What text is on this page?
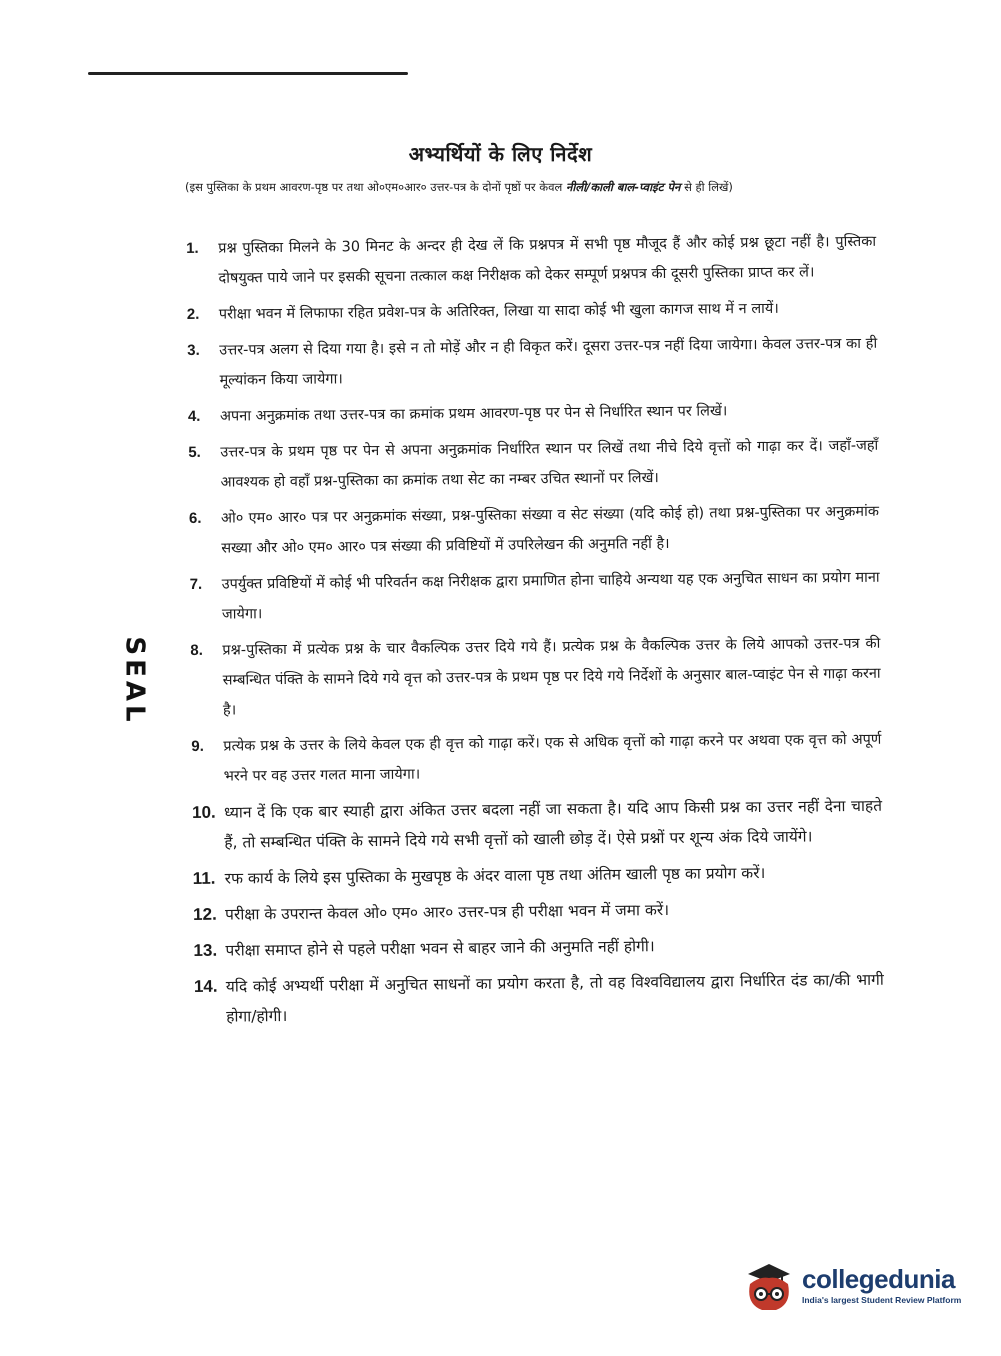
अभ्यर्थियों के लिए निर्देश
(इस पुस्तिका के प्रथम आवरण-पृष्ठ पर तथा ओ०एम०आर० उत्तर-पत्र के दोनों पृष्ठों पर केवल नीली/काली बाल-प्वाइंट पेन से ही लिखें)
SEAL
1.	प्रश्न पुस्तिका मिलने के 30 मिनट के अन्दर ही देख लें कि प्रश्नपत्र में सभी पृष्ठ मौजूद हैं और कोई प्रश्न छूटा नहीं है। पुस्तिका दोषयुक्त पाये जाने पर इसकी सूचना तत्काल कक्ष निरीक्षक को देकर सम्पूर्ण प्रश्नपत्र की दूसरी पुस्तिका प्राप्त कर लें।
2.	परीक्षा भवन में लिफाफा रहित प्रवेश-पत्र के अतिरिक्त, लिखा या सादा कोई भी खुला कागज साथ में न लायें।
3.	उत्तर-पत्र अलग से दिया गया है। इसे न तो मोड़ें और न ही विकृत करें। दूसरा उत्तर-पत्र नहीं दिया जायेगा। केवल उत्तर-पत्र का ही मूल्यांकन किया जायेगा।
4.	अपना अनुक्रमांक तथा उत्तर-पत्र का क्रमांक प्रथम आवरण-पृष्ठ पर पेन से निर्धारित स्थान पर लिखें।
5.	उत्तर-पत्र के प्रथम पृष्ठ पर पेन से अपना अनुक्रमांक निर्धारित स्थान पर लिखें तथा नीचे दिये वृत्तों को गाढ़ा कर दें। जहाँ-जहाँ आवश्यक हो वहाँ प्रश्न-पुस्तिका का क्रमांक तथा सेट का नम्बर उचित स्थानों पर लिखें।
6.	ओ० एम० आर० पत्र पर अनुक्रमांक संख्या, प्रश्न-पुस्तिका संख्या व सेट संख्या (यदि कोई हो) तथा प्रश्न-पुस्तिका पर अनुक्रमांक सख्या और ओ० एम० आर० पत्र संख्या की प्रविष्टियों में उपरिलेखन की अनुमति नहीं है।
7.	उपर्युक्त प्रविष्टियों में कोई भी परिवर्तन कक्ष निरीक्षक द्वारा प्रमाणित होना चाहिये अन्यथा यह एक अनुचित साधन का प्रयोग माना जायेगा।
8.	प्रश्न-पुस्तिका में प्रत्येक प्रश्न के चार वैकल्पिक उत्तर दिये गये हैं। प्रत्येक प्रश्न के वैकल्पिक उत्तर के लिये आपको उत्तर-पत्र की सम्बन्धित पंक्ति के सामने दिये गये वृत्त को उत्तर-पत्र के प्रथम पृष्ठ पर दिये गये निर्देशों के अनुसार बाल-प्वाइंट पेन से गाढ़ा करना है।
9.	प्रत्येक प्रश्न के उत्तर के लिये केवल एक ही वृत्त को गाढ़ा करें। एक से अधिक वृत्तों को गाढ़ा करने पर अथवा एक वृत्त को अपूर्ण भरने पर वह उत्तर गलत माना जायेगा।
10. ध्यान दें कि एक बार स्याही द्वारा अंकित उत्तर बदला नहीं जा सकता है। यदि आप किसी प्रश्न का उत्तर नहीं देना चाहते हैं, तो सम्बन्धित पंक्ति के सामने दिये गये सभी वृत्तों को खाली छोड़ दें। ऐसे प्रश्नों पर शून्य अंक दिये जायेंगे।
11. रफ कार्य के लिये इस पुस्तिका के मुखपृष्ठ के अंदर वाला पृष्ठ तथा अंतिम खाली पृष्ठ का प्रयोग करें।
12. परीक्षा के उपरान्त केवल ओ० एम० आर० उत्तर-पत्र ही परीक्षा भवन में जमा करें।
13. परीक्षा समाप्त होने से पहले परीक्षा भवन से बाहर जाने की अनुमति नहीं होगी।
14. यदि कोई अभ्यर्थी परीक्षा में अनुचित साधनों का प्रयोग करता है, तो वह विश्वविद्यालय द्वारा निर्धारित दंड का/की भागी होगा/होगी।
collegedunia
India's largest Student Review Platform
